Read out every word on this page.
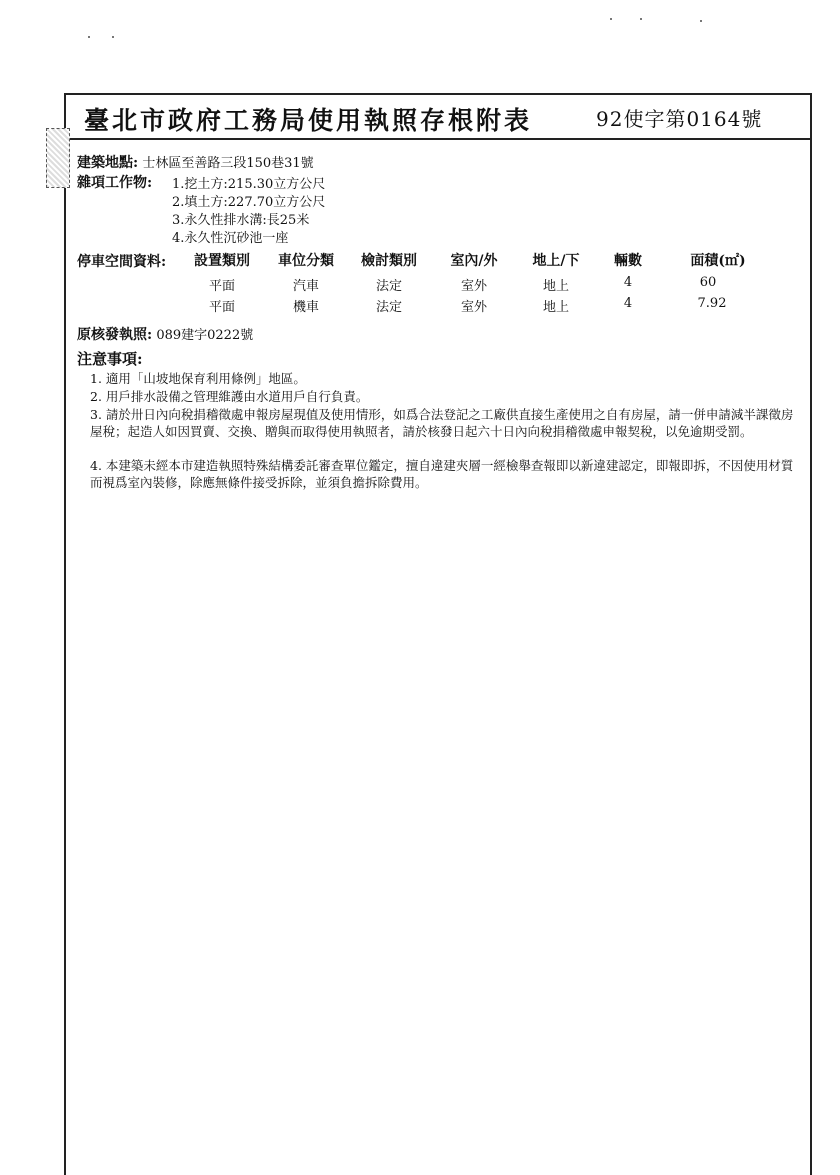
臺北市政府工務局使用執照存根附表	92使字第0164號
建築地點: 士林區至善路三段150巷31號
雜項工作物: 1.挖土方:215.30立方公尺
2.填土方:227.70立方公尺
3.永久性排水溝:長25米
4.永久性沉砂池一座
停車空間資料: 設置類別 車位分類 檢討類別 室內/外 地上/下 輛數	面積(㎡)
平面	汽車	法定	室外	地上	4	60
平面	機車	法定	室外	地上	4	7.92
原核發執照: 089建字0222號
注意事項:
1. 適用「山坡地保育利用條例」地區。
2. 用戶排水設備之管理維護由水道用戶自行負責。
3. 請於卅日內向稅捐稽徵處申報房屋現值及使用情形，如爲合法登記之工廠供直接生產使用之自有房屋，請一併申請減半課徵房屋稅；起造人如因買賣、交換、贈與而取得使用執照者，請於核發日起六十日內向稅捐稽徵處申報契稅，以免逾期受罰。
4. 本建築未經本市建造執照特殊結構委託審查單位鑑定，擅自違建夾層一經檢舉查報即以新違建認定，即報即拆，不因使用材質而視爲室內裝修，除應無條件接受拆除，並須負擔拆除費用。
